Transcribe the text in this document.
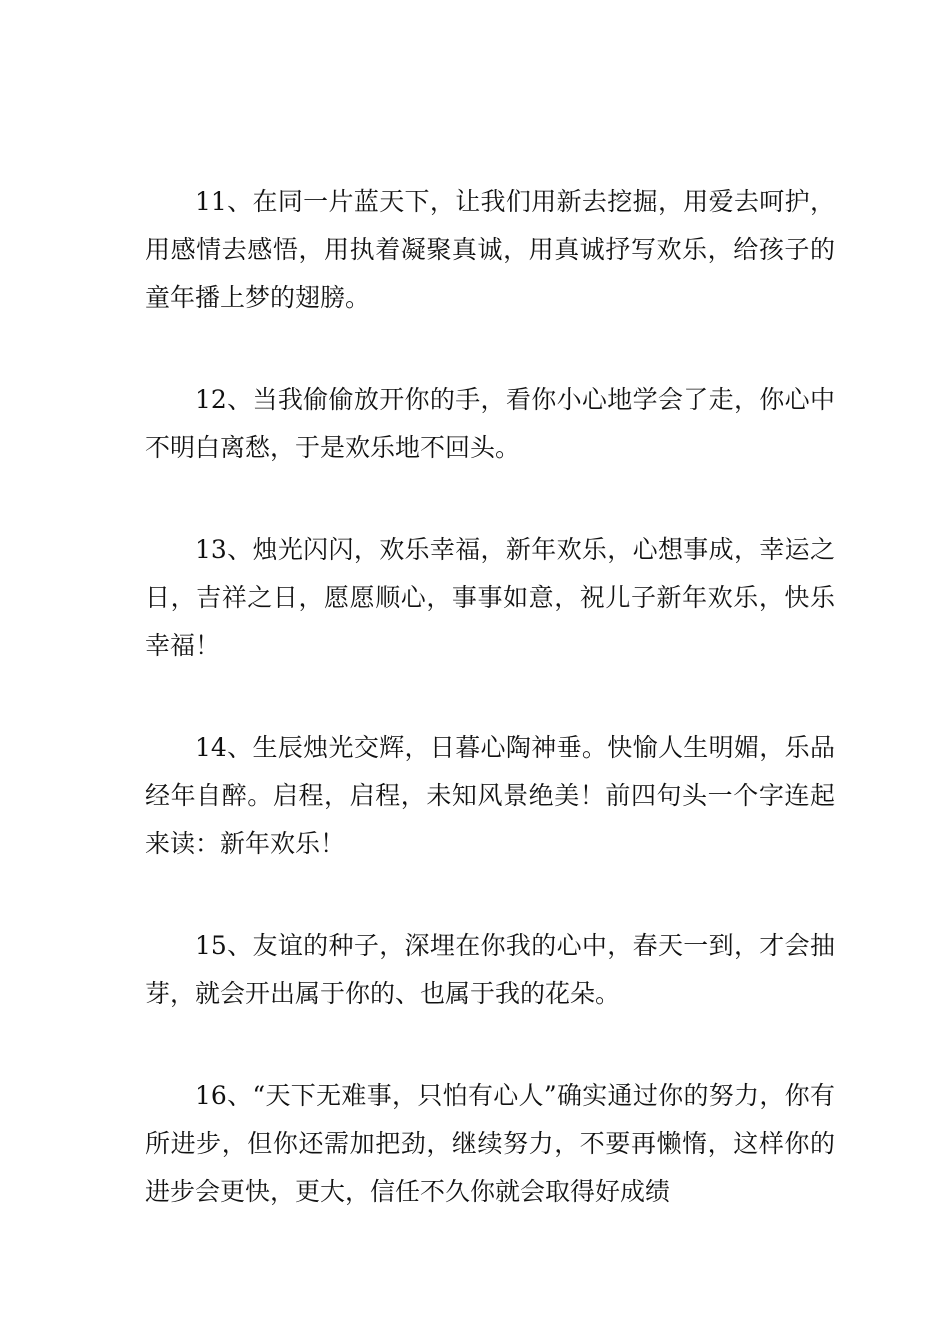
11、在同一片蓝天下，让我们用新去挖掘，用爱去呵护，用感情去感悟，用执着凝聚真诚，用真诚抒写欢乐，给孩子的童年播上梦的翅膀。

12、当我偷偷放开你的手，看你小心地学会了走，你心中不明白离愁，于是欢乐地不回头。

13、烛光闪闪，欢乐幸福，新年欢乐，心想事成，幸运之日，吉祥之日，愿愿顺心，事事如意，祝儿子新年欢乐，快乐幸福！

14、生辰烛光交辉，日暮心陶神垂。快愉人生明媚，乐品经年自醉。启程，启程，未知风景绝美！前四句头一个字连起来读：新年欢乐！

15、友谊的种子，深埋在你我的心中，春天一到，才会抽芽，就会开出属于你的、也属于我的花朵。

16、“天下无难事，只怕有心人”确实通过你的努力，你有所进步，但你还需加把劲，继续努力，不要再懒惰，这样你的进步会更快，更大，信任不久你就会取得好成绩
